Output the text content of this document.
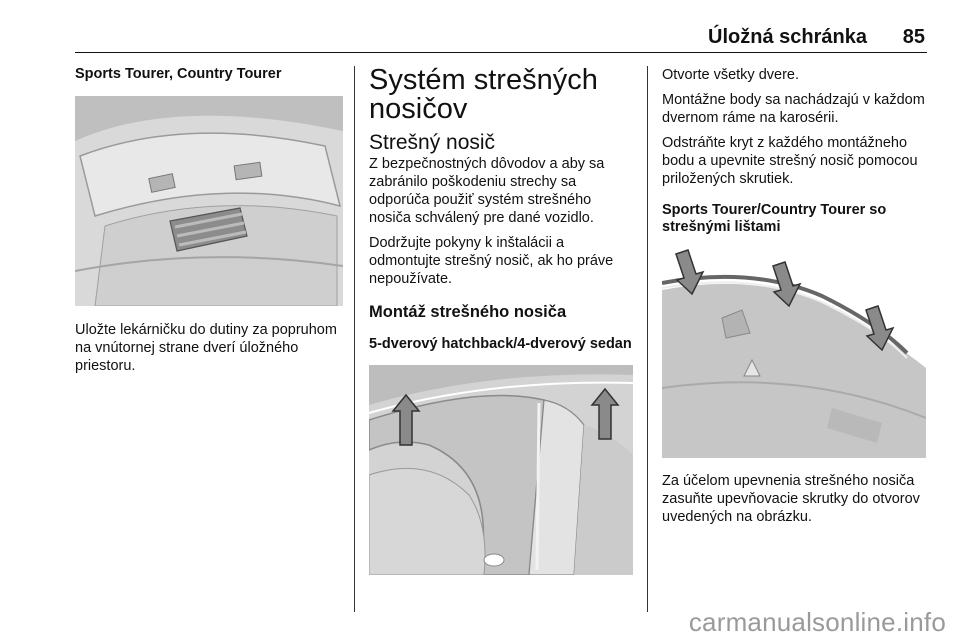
Úložná schránka 85

Sports Tourer, Country Tourer

Uložte lekárničku do dutiny za popruhom na vnútornej strane dverí úložného priestoru.

Systém strešných nosičov
Strešný nosič

Z bezpečnostných dôvodov a aby sa zabránilo poškodeniu strechy sa odporúča použiť systém strešného nosiča schválený pre dané vozidlo.

Dodržujte pokyny k inštalácii a odmontujte strešný nosič, ak ho práve nepoužívate.

Montáž strešného nosiča

5-dverový hatchback/4-dverový sedan

Otvorte všetky dvere.

Montážne body sa nachádzajú v každom dvernom ráme na karosérii.

Odstráňte kryt z každého montážneho bodu a upevnite strešný nosič pomocou priložených skrutiek.

Sports Tourer/Country Tourer so strešnými lištami

Za účelom upevnenia strešného nosiča zasuňte upevňovacie skrutky do otvorov uvedených na obrázku.

carmanualsonline.info
